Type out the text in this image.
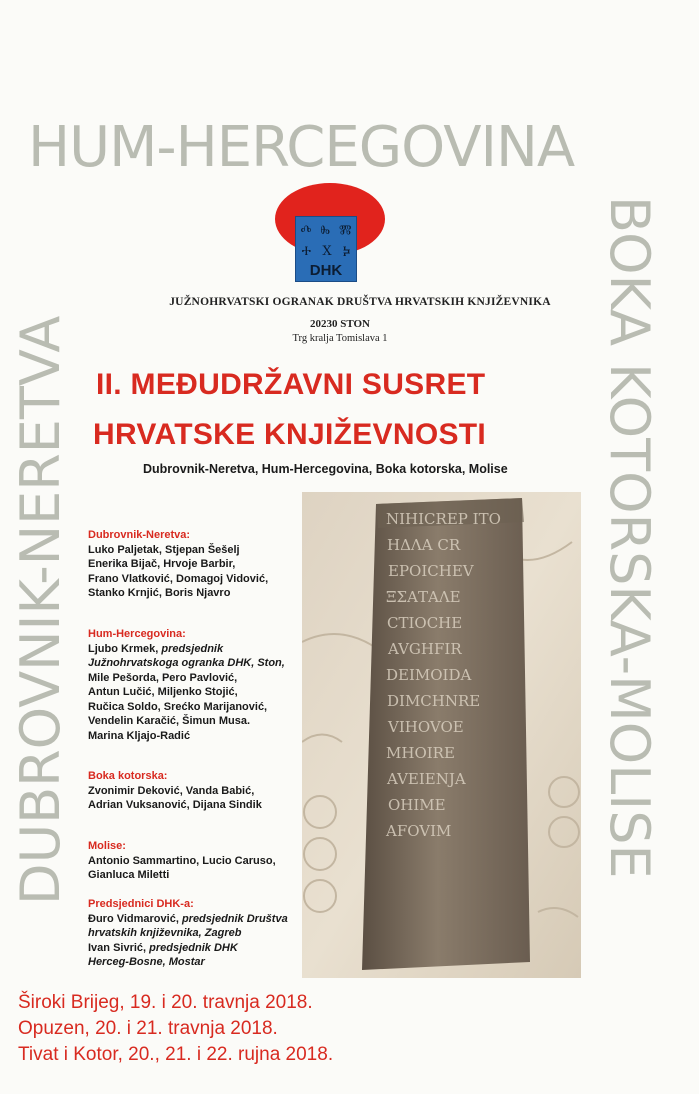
HUM-HERCEGOVINA
DUBROVNIK-NERETVA	BOKA KOTORSKA-MOLISE
Ⰴ Ⰸ Ⰿ
Ⰰ X Ⰽ
DHK
JUŽNOHRVATSKI OGRANAK DRUŠTVA HRVATSKIH KNJIŽEVNIKA
20230 STON
Trg kralja Tomislava 1
II. MEĐUDRŽAVNI SUSRET
HRVATSKE KNJIŽEVNOSTI
Dubrovnik-Neretva, Hum-Hercegovina, Boka kotorska, Molise
NIHICREP ITO
ΗΔΛΑ CR
EPOICHEV
ΞΣΑΤΑΛΕ
CTIOCHE
AVGHFIR
DEIMOIDA
DIMCHNRE
VIHOVOE
MHOIRE
AVEIENJA
OHIME
AFOVIM
Dubrovnik-Neretva:
Luko Paljetak, Stjepan Šešelj
Enerika Bijač, Hrvoje Barbir,
Frano Vlatković, Domagoj Vidović,
Stanko Krnjić, Boris Njavro
Hum-Hercegovina:
Ljubo Krmek, predsjednik
Južnohrvatskoga ogranka DHK, Ston,
Mile Pešorda, Pero Pavlović,
Antun Lučić, Miljenko Stojić,
Ručica Soldo, Srećko Marijanović,
Vendelin Karačić, Šimun Musa.
Marina Kljajo-Radić
Boka kotorska:
Zvonimir Deković, Vanda Babić,
Adrian Vuksanović, Dijana Sindik
Molise:
Antonio Sammartino, Lucio Caruso,
Gianluca Miletti
Predsjednici DHK-a:
Đuro Vidmarović, predsjednik Društva
hrvatskih književnika, Zagreb
Ivan Sivrić, predsjednik DHK
Herceg-Bosne, Mostar
Široki Brijeg, 19. i 20. travnja 2018.
Opuzen, 20. i 21. travnja 2018.
Tivat i Kotor, 20., 21. i 22. rujna 2018.
